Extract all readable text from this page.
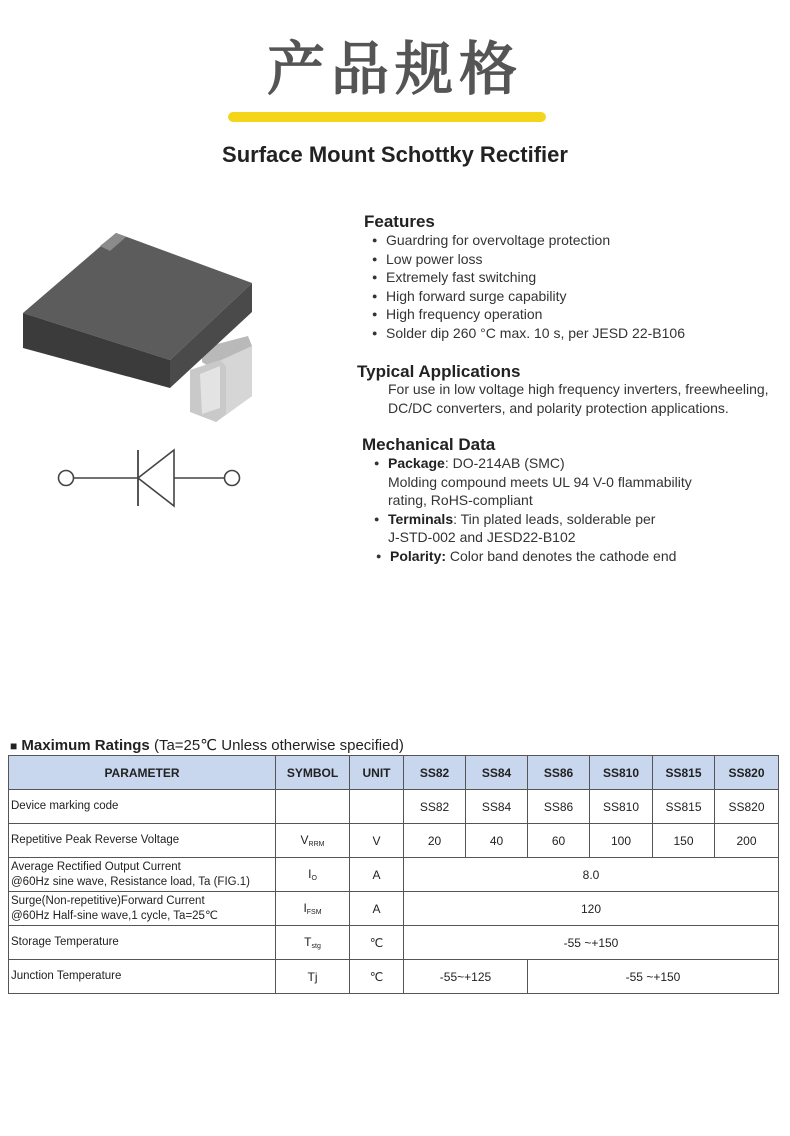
产品规格
Surface Mount Schottky Rectifier
Features
● Guardring for overvoltage protection
● Low power loss
● Extremely fast switching
● High forward surge capability
● High frequency operation
● Solder dip 260 °C max. 10 s, per JESD 22-B106
Typical Applications
For use in low voltage high frequency inverters, freewheeling,
DC/DC converters, and polarity protection applications.
Mechanical Data
● Package: DO-214AB (SMC)
Molding compound meets UL 94 V-0 flammability
rating, RoHS-compliant
● Terminals: Tin plated leads, solderable per
J-STD-002 and JESD22-B102
● Polarity: Color band denotes the cathode end
■ Maximum Ratings (Ta=25℃ Unless otherwise specified)
PARAMETER	SYMBOL	UNIT	SS82	SS84	SS86	SS810	SS815	SS820
Device marking code			SS82	SS84	SS86	SS810	SS815	SS820
Repetitive Peak Reverse Voltage	$V_{RRM}$	V	20	40	60	100	150	200

Average Rectified Output Current
@60Hz sine wave, Resistance load, Ta (FIG.1)	$I_O$	A	8.0					

Surge(Non-repetitive)Forward Current
@60Hz Half-sine wave,1 cycle, Ta=25℃	$I_{FSM}$	A	120					
Storage Temperature	$T_{stg}$	℃	-55 ~+150					
Junction Temperature	Tj	℃	-55~+125		-55 ~+150			
